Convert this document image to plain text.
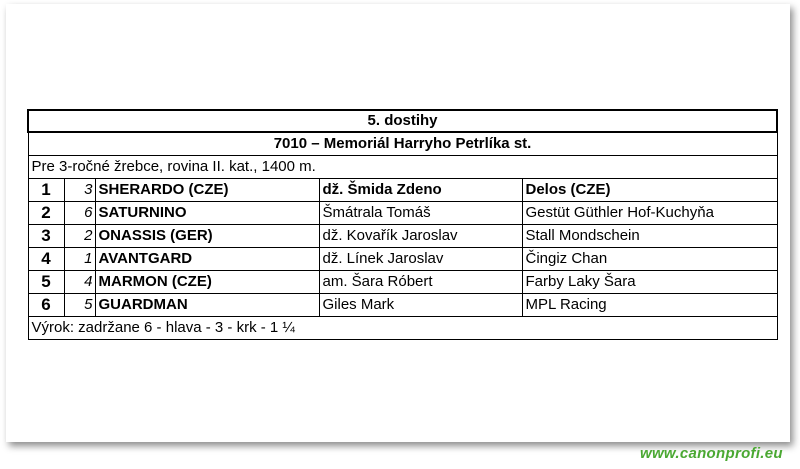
5. dostihy				
7010 – Memoriál Harryho Petrlíka st.				
Pre 3-ročné žrebce, rovina II. kat., 1400 m.				
1	3	SHERARDO (CZE)	dž. Šmida Zdeno	Delos (CZE)
2	6	SATURNINO	Šmátrala Tomáš	Gestüt Güthler Hof-Kuchyňa
3	2	ONASSIS (GER)	dž. Kovařík Jaroslav	Stall Mondschein
4	1	AVANTGARD	dž. Línek Jaroslav	Čingiz Chan
5	4	MARMON (CZE)	am. Šara Róbert	Farby Laky Šara
6	5	GUARDMAN	Giles Mark	MPL Racing
Výrok: zadržane 6 - hlava - 3 - krk - 1 ¼				
www.canonprofi.eu
